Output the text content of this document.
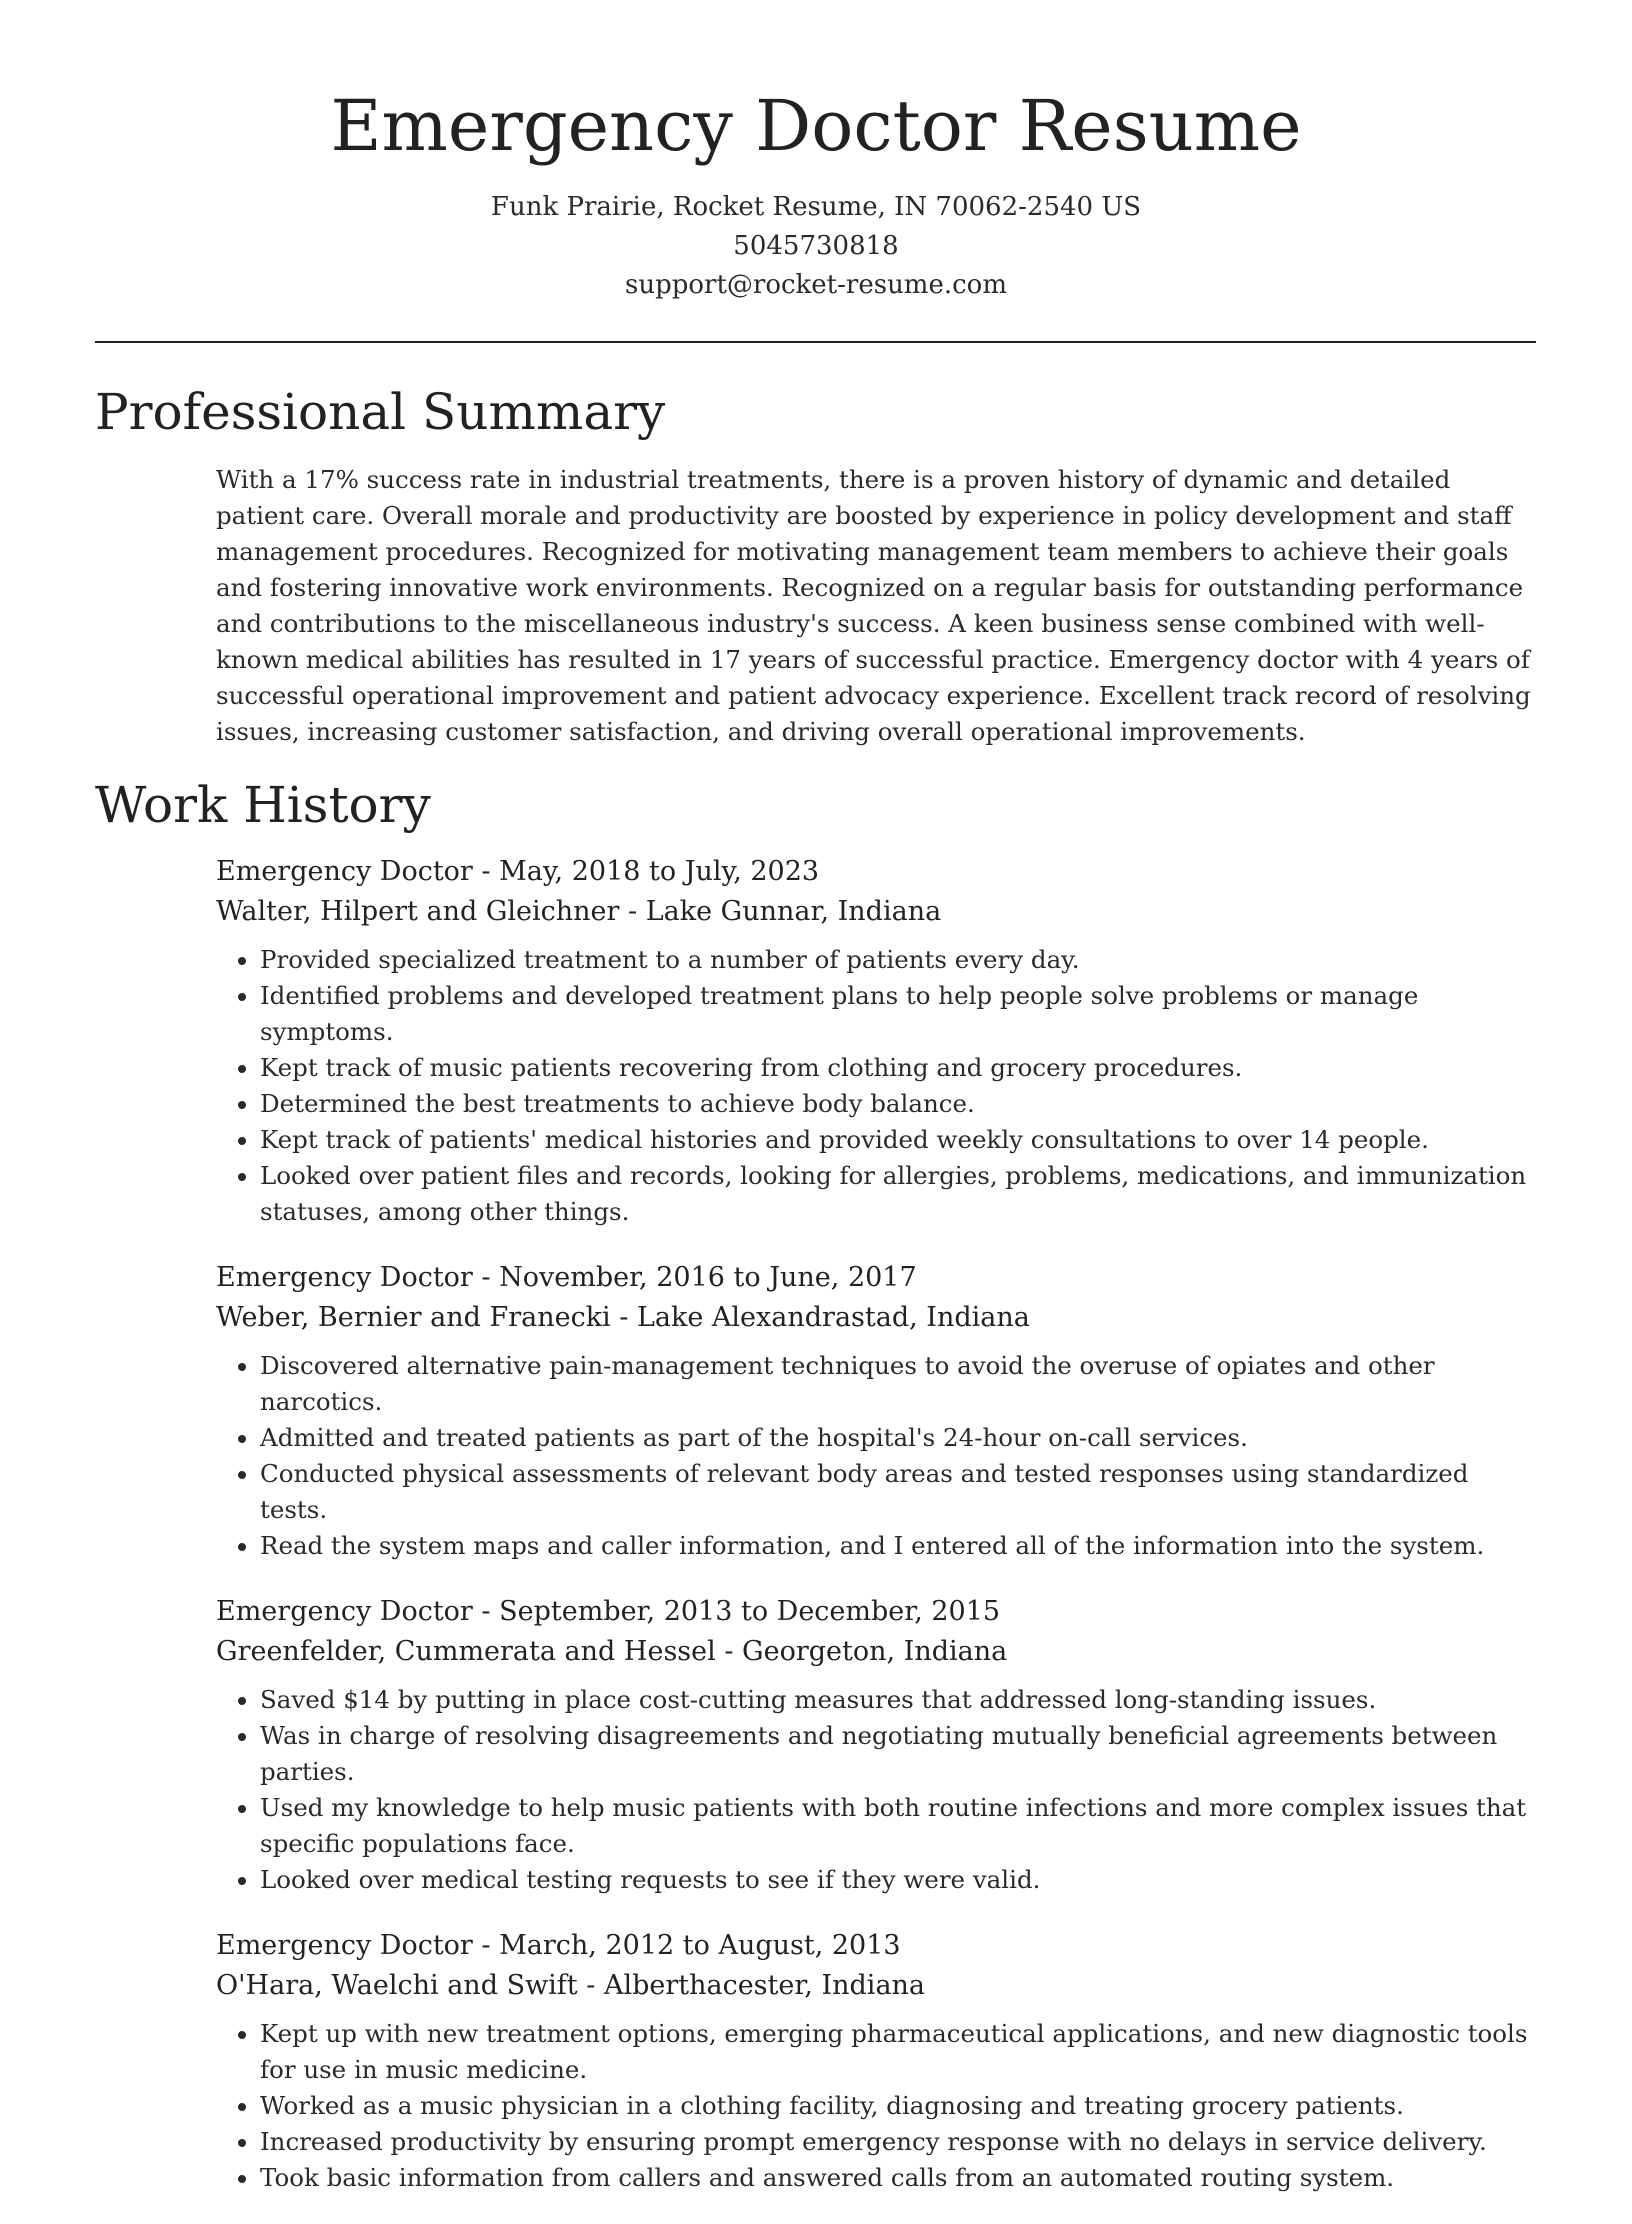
Emergency Doctor Resume

Funk Prairie, Rocket Resume, IN 70062-2540 US

5045730818

support@rocket-resume.com

Professional Summary

With a 17% success rate in industrial treatments, there is a proven history of dynamic and detailed patient care. Overall morale and productivity are boosted by experience in policy development and staff management procedures. Recognized for motivating management team members to achieve their goals and fostering innovative work environments. Recognized on a regular basis for outstanding performance and contributions to the miscellaneous industry's success. A keen business sense combined with well-known medical abilities has resulted in 17 years of successful practice. Emergency doctor with 4 years of successful operational improvement and patient advocacy experience. Excellent track record of resolving issues, increasing customer satisfaction, and driving overall operational improvements.

Work History

Emergency Doctor - May, 2018 to July, 2023

Walter, Hilpert and Gleichner - Lake Gunnar, Indiana

• Provided specialized treatment to a number of patients every day.
• Identified problems and developed treatment plans to help people solve problems or manage symptoms.
• Kept track of music patients recovering from clothing and grocery procedures.
• Determined the best treatments to achieve body balance.
• Kept track of patients' medical histories and provided weekly consultations to over 14 people.
• Looked over patient files and records, looking for allergies, problems, medications, and immunization statuses, among other things.

Emergency Doctor - November, 2016 to June, 2017

Weber, Bernier and Franecki - Lake Alexandrastad, Indiana

• Discovered alternative pain-management techniques to avoid the overuse of opiates and other narcotics.
• Admitted and treated patients as part of the hospital's 24-hour on-call services.
• Conducted physical assessments of relevant body areas and tested responses using standardized tests.
• Read the system maps and caller information, and I entered all of the information into the system.

Emergency Doctor - September, 2013 to December, 2015

Greenfelder, Cummerata and Hessel - Georgeton, Indiana

• Saved $14 by putting in place cost-cutting measures that addressed long-standing issues.
• Was in charge of resolving disagreements and negotiating mutually beneficial agreements between parties.
• Used my knowledge to help music patients with both routine infections and more complex issues that specific populations face.
• Looked over medical testing requests to see if they were valid.

Emergency Doctor - March, 2012 to August, 2013

O'Hara, Waelchi and Swift - Alberthacester, Indiana

• Kept up with new treatment options, emerging pharmaceutical applications, and new diagnostic tools for use in music medicine.
• Worked as a music physician in a clothing facility, diagnosing and treating grocery patients.
• Increased productivity by ensuring prompt emergency response with no delays in service delivery.
• Took basic information from callers and answered calls from an automated routing system.
